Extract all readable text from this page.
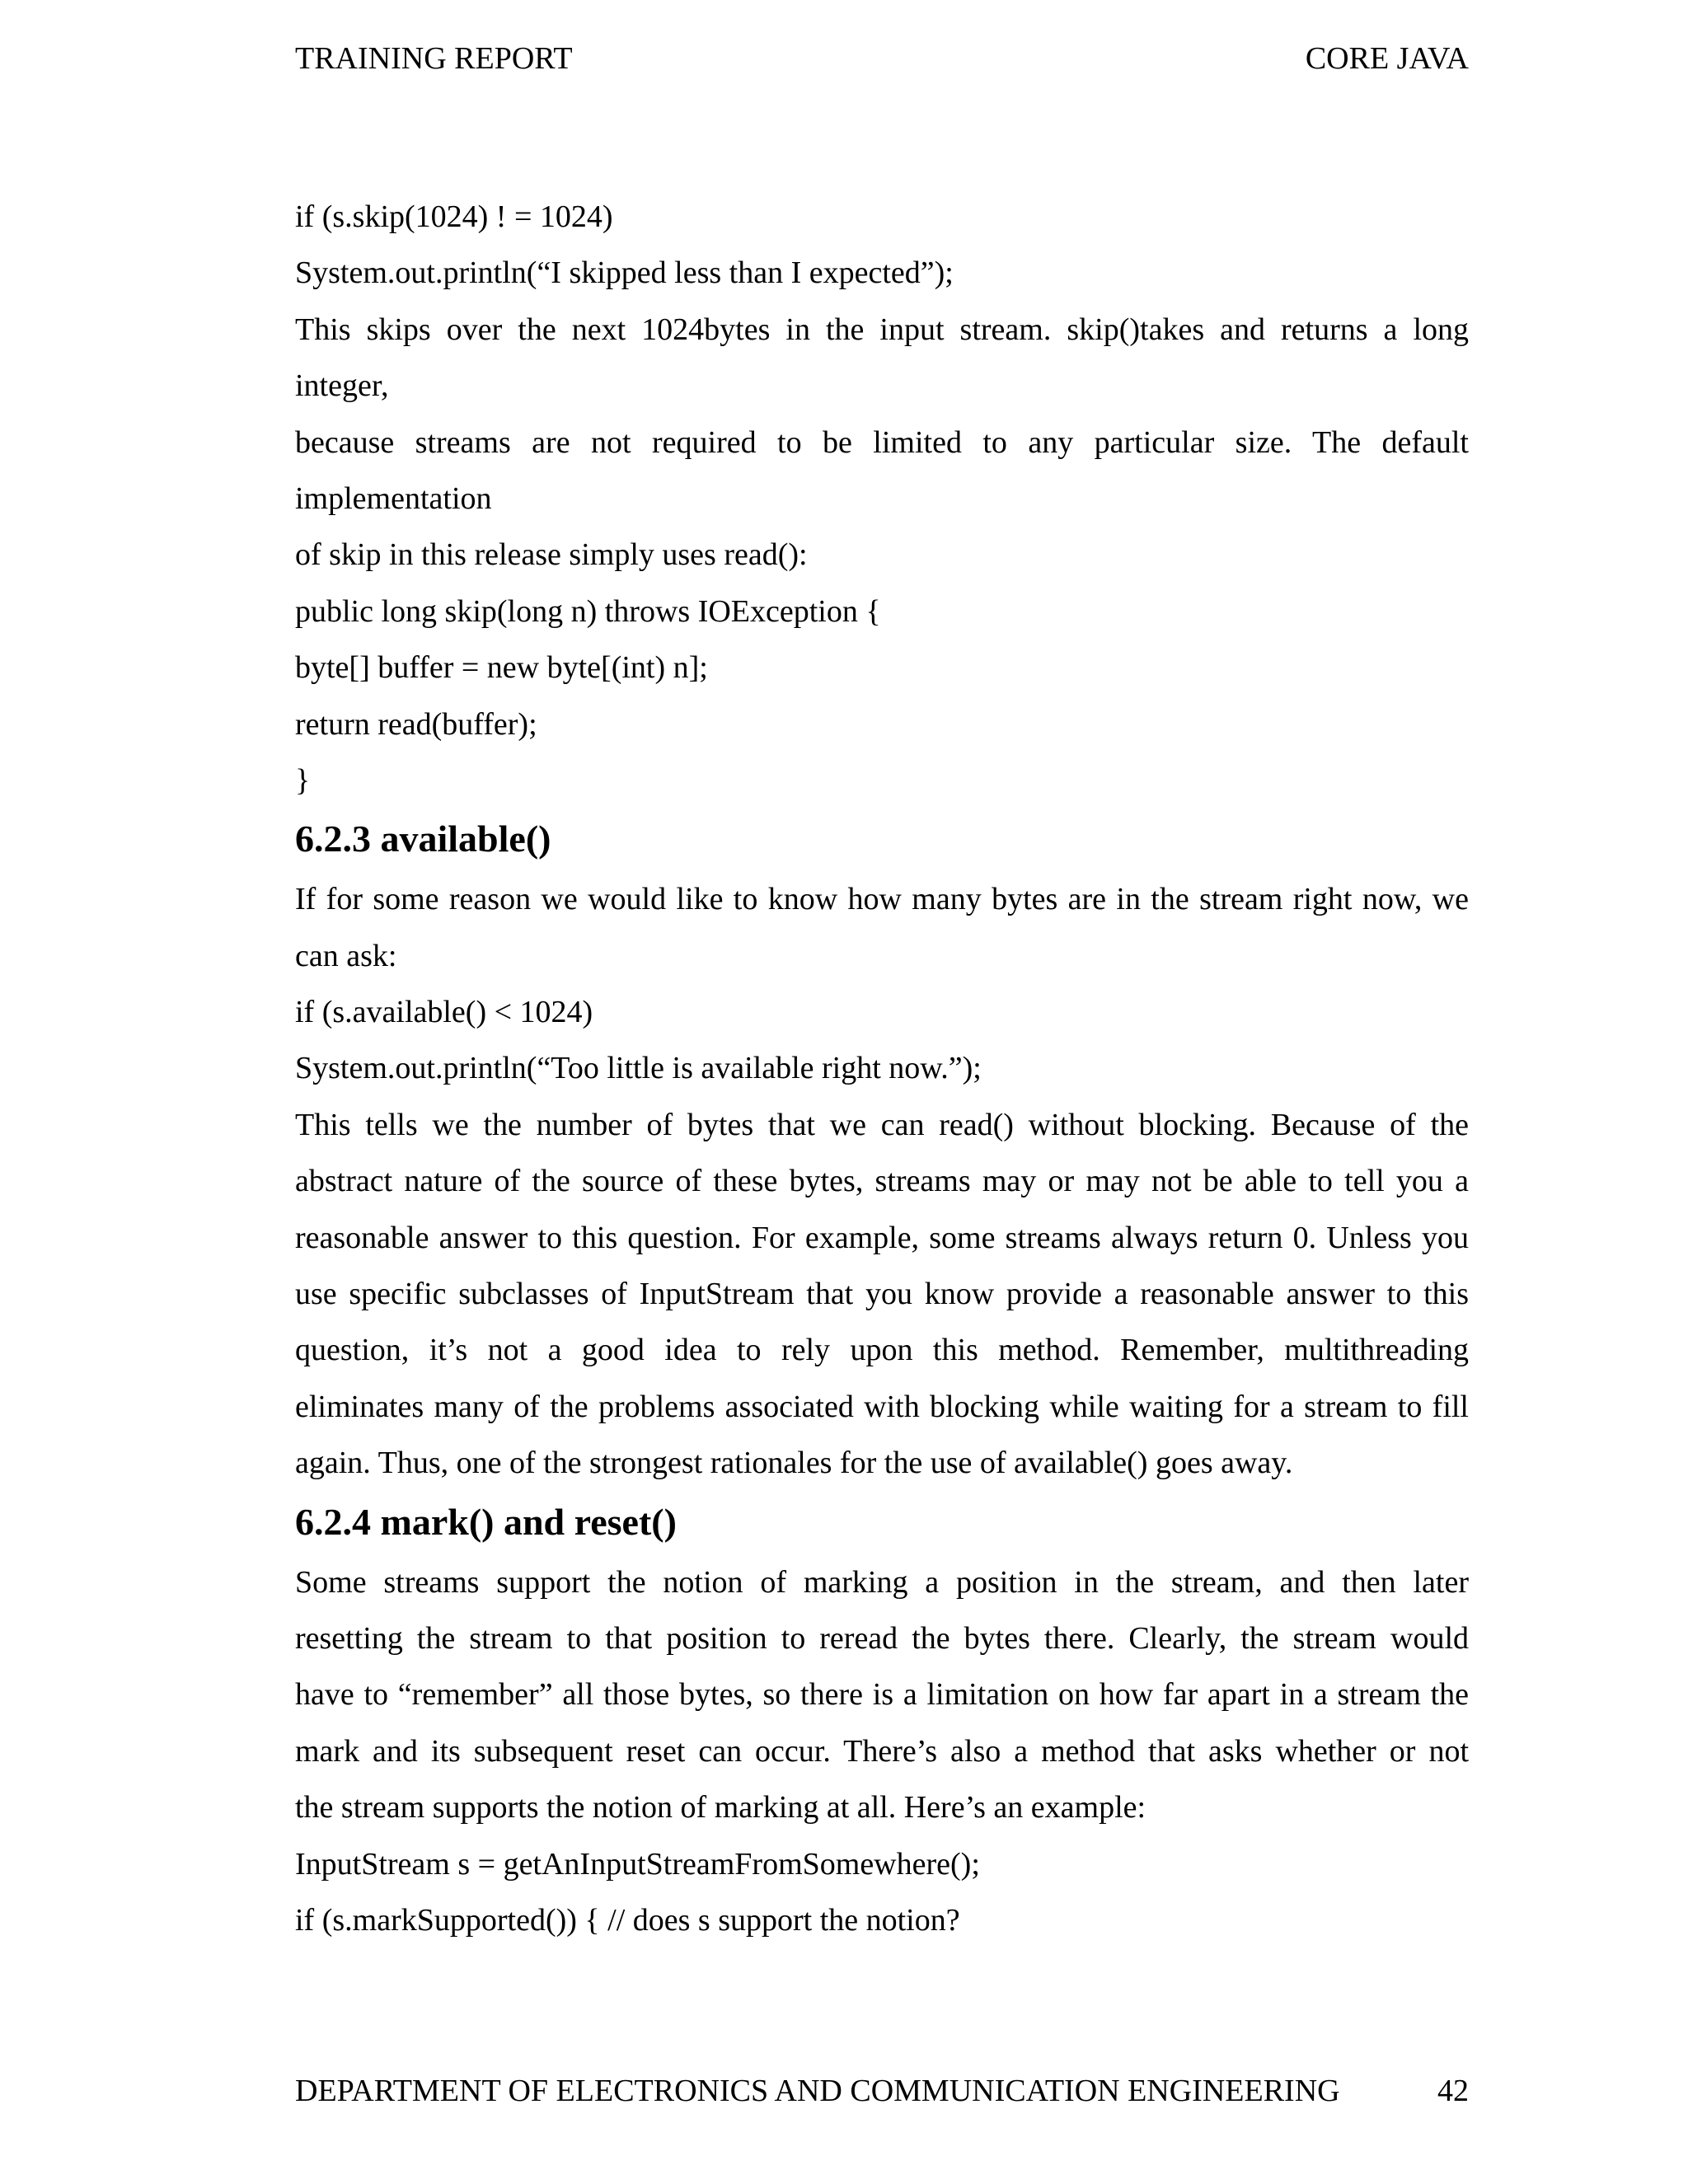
TRAINING REPORT	CORE JAVA
if (s.skip(1024) ! = 1024)
System.out.println(“I skipped less than I expected”);
This skips over the next 1024bytes in the input stream. skip()takes and returns a long
integer,
because streams are not required to be limited to any particular size. The default
implementation
of skip in this release simply uses read():
public long skip(long n) throws IOException {
byte[] buffer = new byte[(int) n];
return read(buffer);
}
6.2.3 available()
If for some reason we would like to know how many bytes are in the stream right now, we
can ask:
if (s.available() < 1024)
System.out.println(“Too little is available right now.”);
This tells we the number of bytes that we can read() without blocking. Because of the
abstract nature of the source of these bytes, streams may or may not be able to tell you a
reasonable answer to this question. For example, some streams always return 0. Unless you
use specific subclasses of InputStream that you know provide a reasonable answer to this
question, it’s not a good idea to rely upon this method. Remember, multithreading
eliminates many of the problems associated with blocking while waiting for a stream to fill
again. Thus, one of the strongest rationales for the use of available() goes away.
6.2.4 mark() and reset()
Some streams support the notion of marking a position in the stream, and then later
resetting the stream to that position to reread the bytes there. Clearly, the stream would
have to “remember” all those bytes, so there is a limitation on how far apart in a stream the
mark and its subsequent reset can occur. There’s also a method that asks whether or not
the stream supports the notion of marking at all. Here’s an example:
InputStream s = getAnInputStreamFromSomewhere();
if (s.markSupported()) { // does s support the notion?
DEPARTMENT OF ELECTRONICS AND COMMUNICATION ENGINEERING	42
